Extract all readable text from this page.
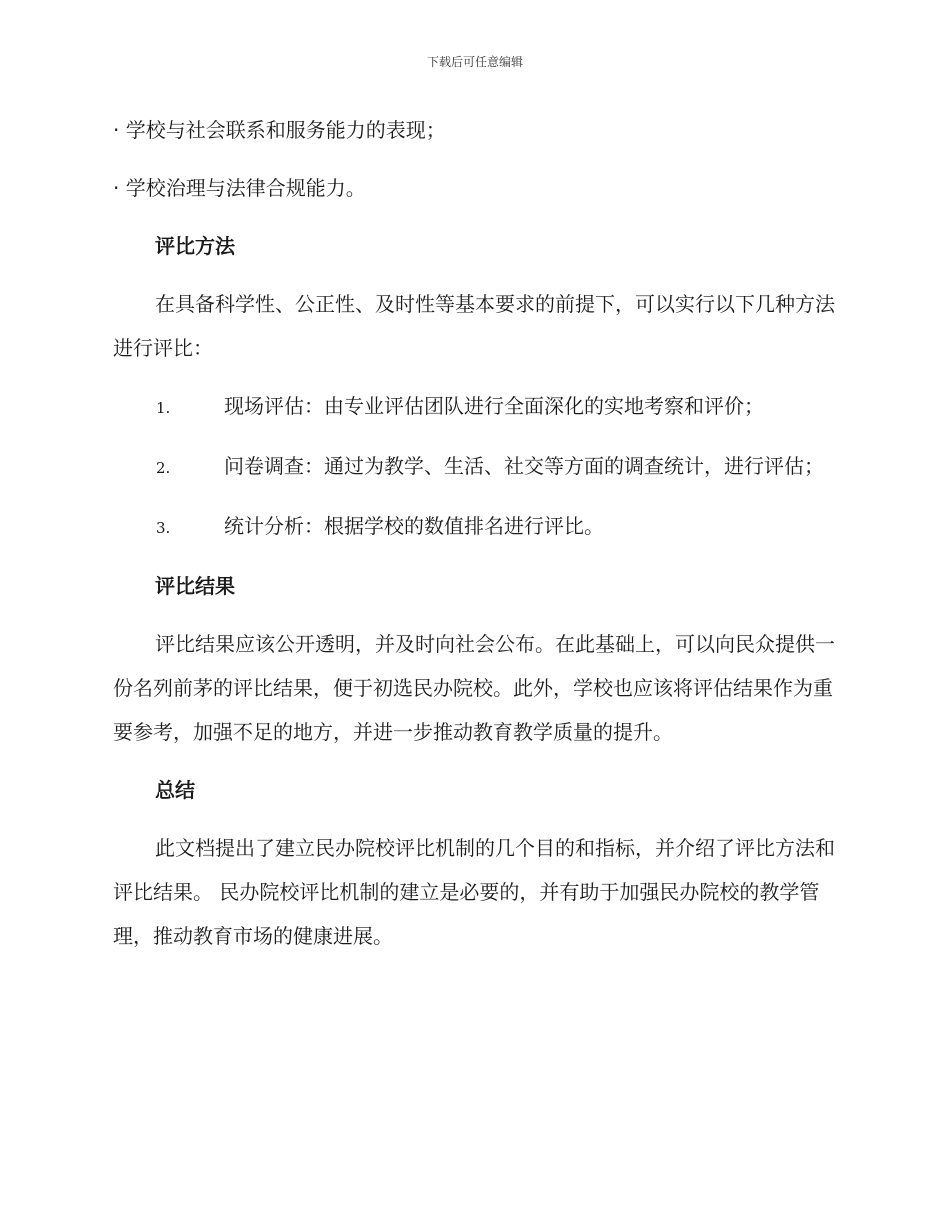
下载后可任意编辑

· 学校与社会联系和服务能力的表现；

· 学校治理与法律合规能力。

评比方法

在具备科学性、公正性、及时性等基本要求的前提下，可以实行以下几种方法进行评比：

1.	现场评估：由专业评估团队进行全面深化的实地考察和评价；

2.	问卷调查：通过为教学、生活、社交等方面的调查统计，进行评估；

3.	统计分析：根据学校的数值排名进行评比。

评比结果

评比结果应该公开透明，并及时向社会公布。在此基础上，可以向民众提供一份名列前茅的评比结果，便于初选民办院校。此外，学校也应该将评估结果作为重要参考，加强不足的地方，并进一步推动教育教学质量的提升。

总结

此文档提出了建立民办院校评比机制的几个目的和指标，并介绍了评比方法和评比结果。 民办院校评比机制的建立是必要的，并有助于加强民办院校的教学管理，推动教育市场的健康进展。
